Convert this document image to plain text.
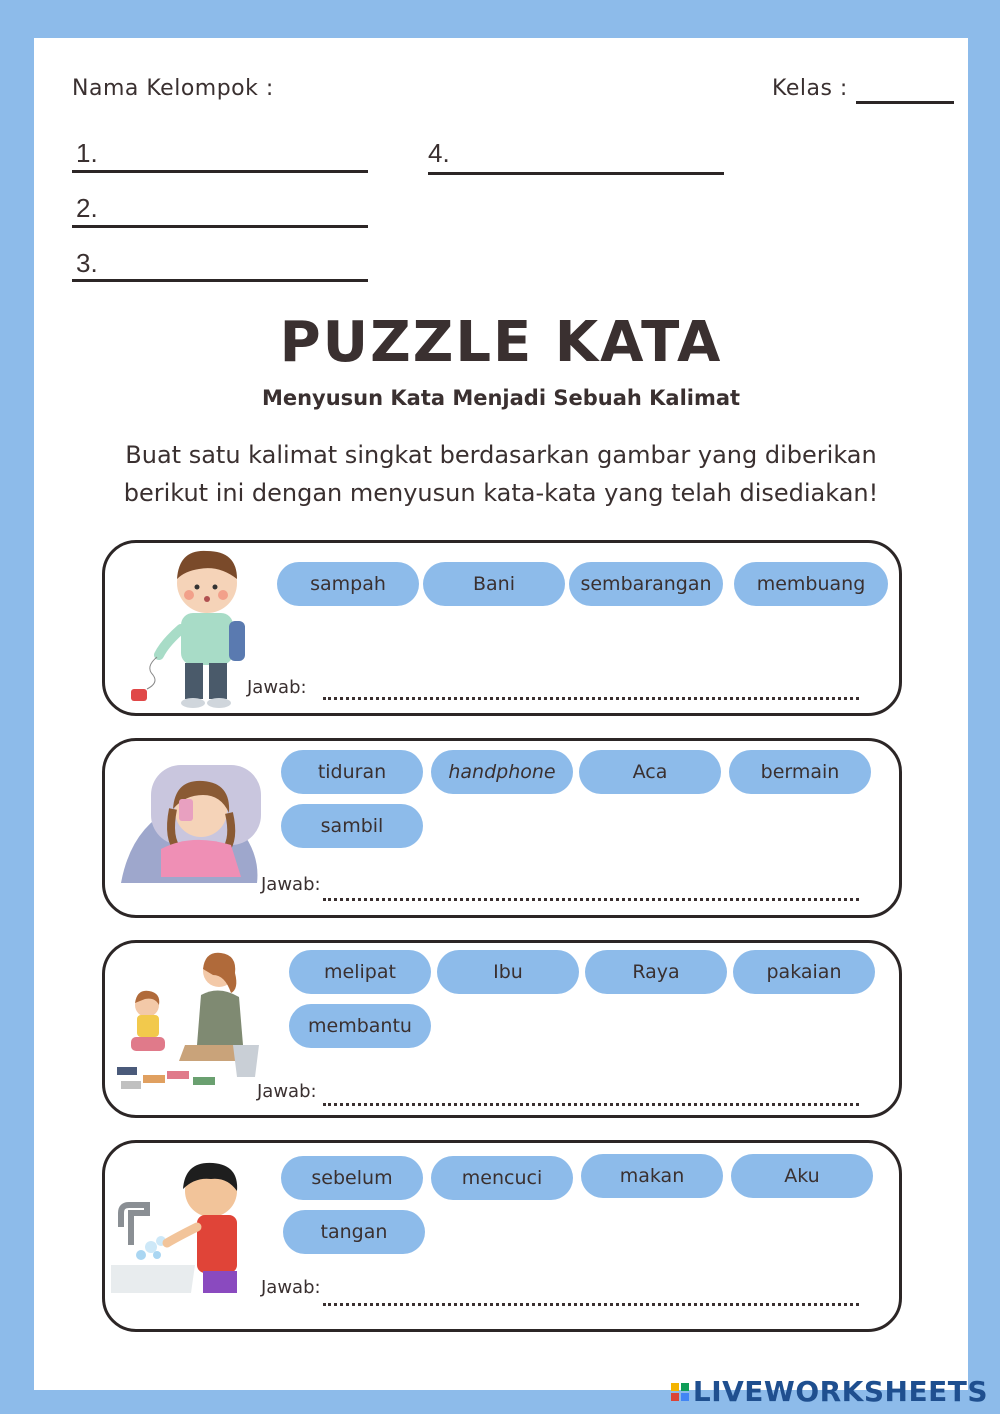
Nama Kelompok :	Kelas :
1.	4.
2.
3.
PUZZLE KATA
Menyusun Kata Menjadi Sebuah Kalimat
Buat satu kalimat singkat berdasarkan gambar yang diberikan
berikut ini dengan menyusun kata-kata yang telah disediakan!
sampah	Bani	sembarangan	membuang
Jawab:
tiduran	handphone	Aca	bermain
sambil
Jawab:
melipat	Ibu	Raya	pakaian
membantu
Jawab:
sebelum	mencuci	makan	Aku
tangan
Jawab:
LIVEWORKSHEETS
